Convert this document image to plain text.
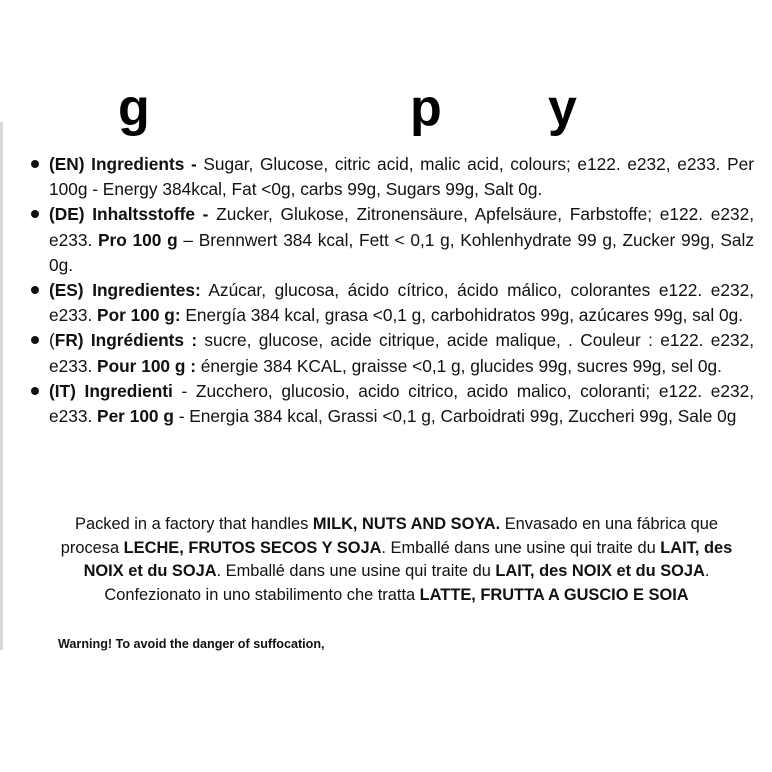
g	p y
(EN) Ingredients - Sugar, Glucose, citric acid, malic acid, colours; e122. e232, e233. Per 100g - Energy 384kcal, Fat <0g, carbs 99g, Sugars 99g, Salt 0g.
(DE) Inhaltsstoffe - Zucker, Glukose, Zitronensäure, Apfelsäure, Farbstoffe; e122. e232, e233. Pro 100 g – Brennwert 384 kcal, Fett < 0,1 g, Kohlenhydrate 99 g, Zucker 99g, Salz 0g.
(ES) Ingredientes: Azúcar, glucosa, ácido cítrico, ácido málico, colorantes e122. e232, e233. Por 100 g: Energía 384 kcal, grasa <0,1 g, carbohidratos 99g, azúcares 99g, sal 0g.
(FR) Ingrédients : sucre, glucose, acide citrique, acide malique, . Couleur : e122. e232, e233. Pour 100 g : énergie 384 KCAL, graisse <0,1 g, glucides 99g, sucres 99g, sel 0g.
(IT) Ingredienti - Zucchero, glucosio, acido citrico, acido malico, coloranti; e122. e232, e233. Per 100 g - Energia 384 kcal, Grassi <0,1 g, Carboidrati 99g, Zuccheri 99g, Sale 0g
Packed in a factory that handles MILK, NUTS AND SOYA. Envasado en una fábrica que procesa LECHE, FRUTOS SECOS Y SOJA. Emballé dans une usine qui traite du LAIT, des NOIX et du SOJA. Emballé dans une usine qui traite du LAIT, des NOIX et du SOJA. Confezionato in uno stabilimento che tratta LATTE, FRUTTA A GUSCIO E SOIA
Warning! To avoid the danger of suffocation,
